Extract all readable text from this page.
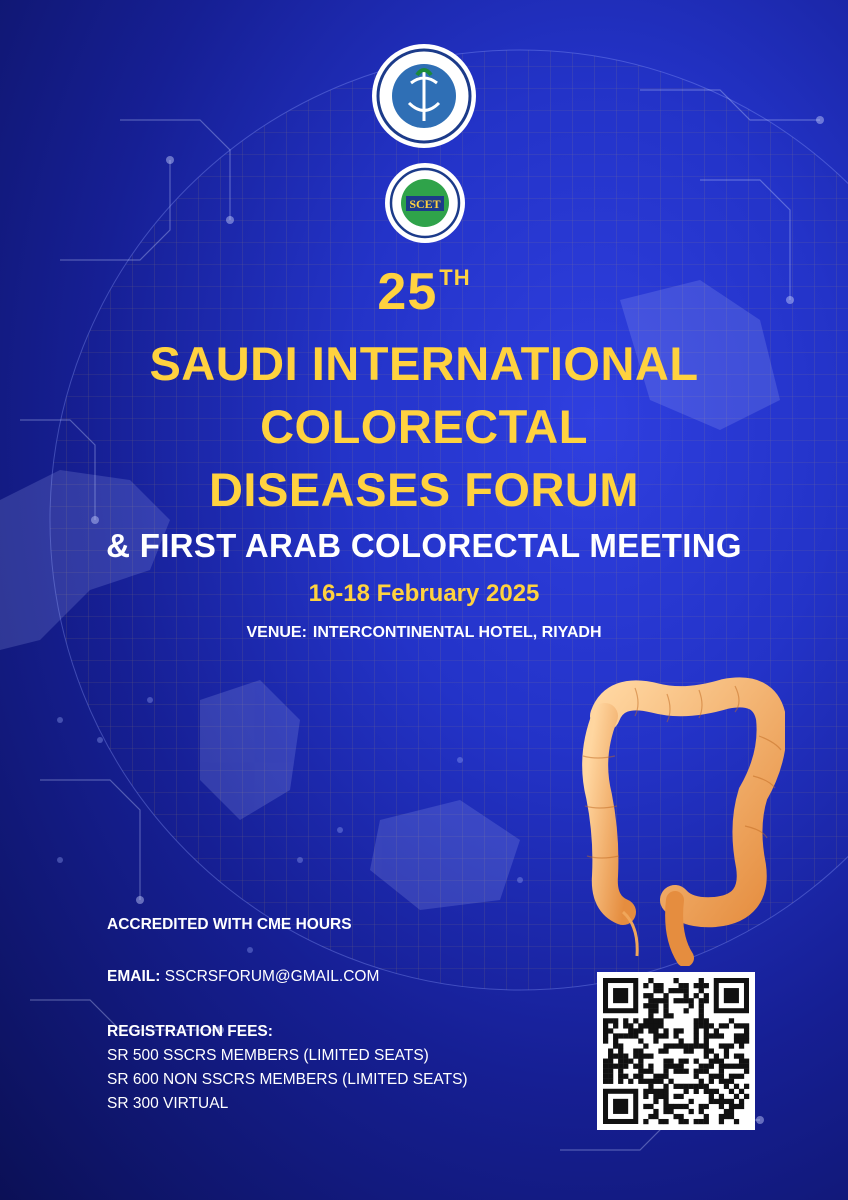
SCET
25TH
SAUDI INTERNATIONAL
COLORECTAL
DISEASES FORUM
& FIRST ARAB COLORECTAL MEETING
16-18 February 2025
VENUE: INTERCONTINENTAL HOTEL, RIYADH
ACCREDITED WITH CME HOURS
EMAIL: SSCRSFORUM@GMAIL.COM
REGISTRATION FEES:
SR 500 SSCRS MEMBERS (LIMITED SEATS)
SR 600 NON SSCRS MEMBERS (LIMITED SEATS)
SR 300 VIRTUAL
